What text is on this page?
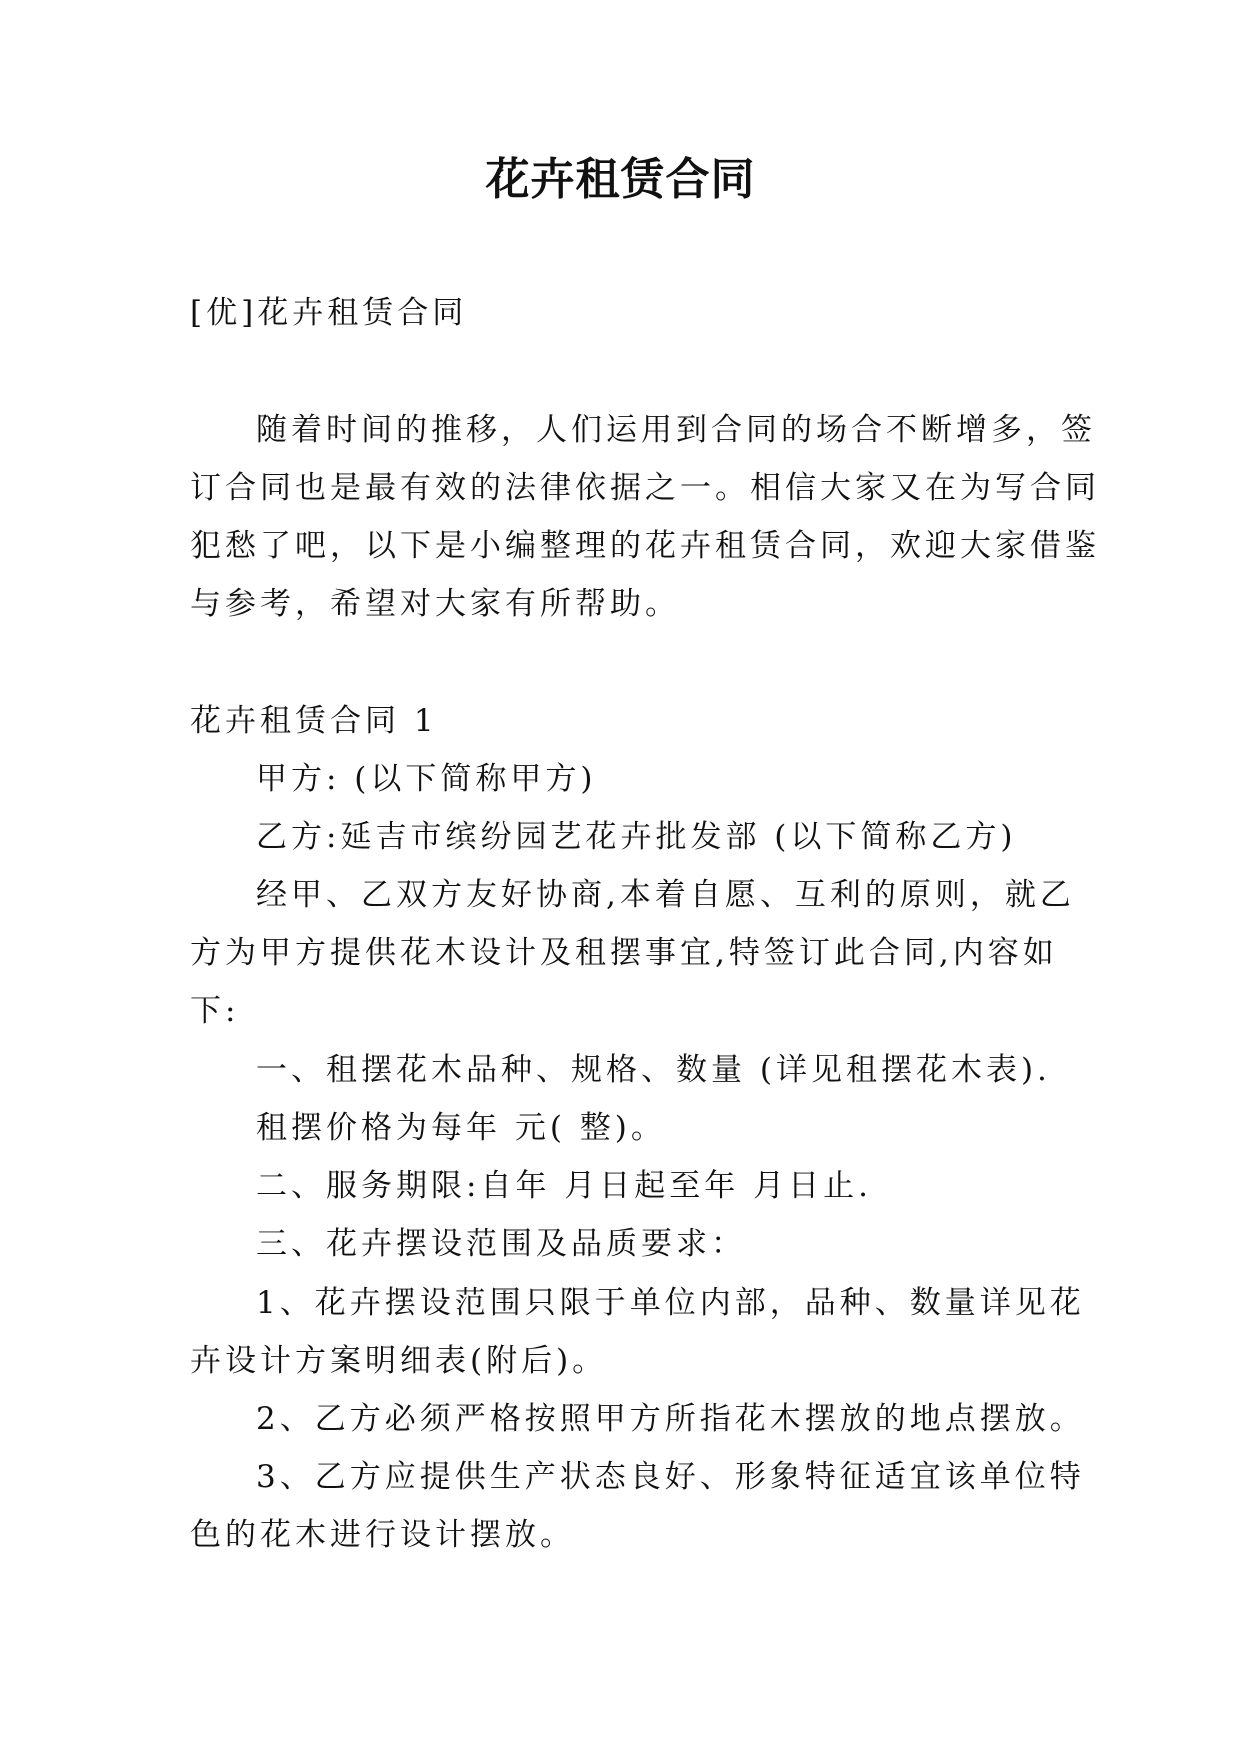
花卉租赁合同
[优]花卉租赁合同
随着时间的推移，人们运用到合同的场合不断增多，签
订合同也是最有效的法律依据之一。相信大家又在为写合同
犯愁了吧，以下是小编整理的花卉租赁合同，欢迎大家借鉴
与参考，希望对大家有所帮助。
花卉租赁合同 1
甲方: (以下简称甲方)
乙方:延吉市缤纷园艺花卉批发部 (以下简称乙方)
经甲、乙双方友好协商,本着自愿、互利的原则，就乙
方为甲方提供花木设计及租摆事宜,特签订此合同,内容如
下:
一、租摆花木品种、规格、数量 (详见租摆花木表).
租摆价格为每年 元( 整)。
二、服务期限:自年 月日起至年 月日止.
三、花卉摆设范围及品质要求：
1、花卉摆设范围只限于单位内部，品种、数量详见花
卉设计方案明细表(附后)。
2、乙方必须严格按照甲方所指花木摆放的地点摆放。
3、乙方应提供生产状态良好、形象特征适宜该单位特
色的花木进行设计摆放。
